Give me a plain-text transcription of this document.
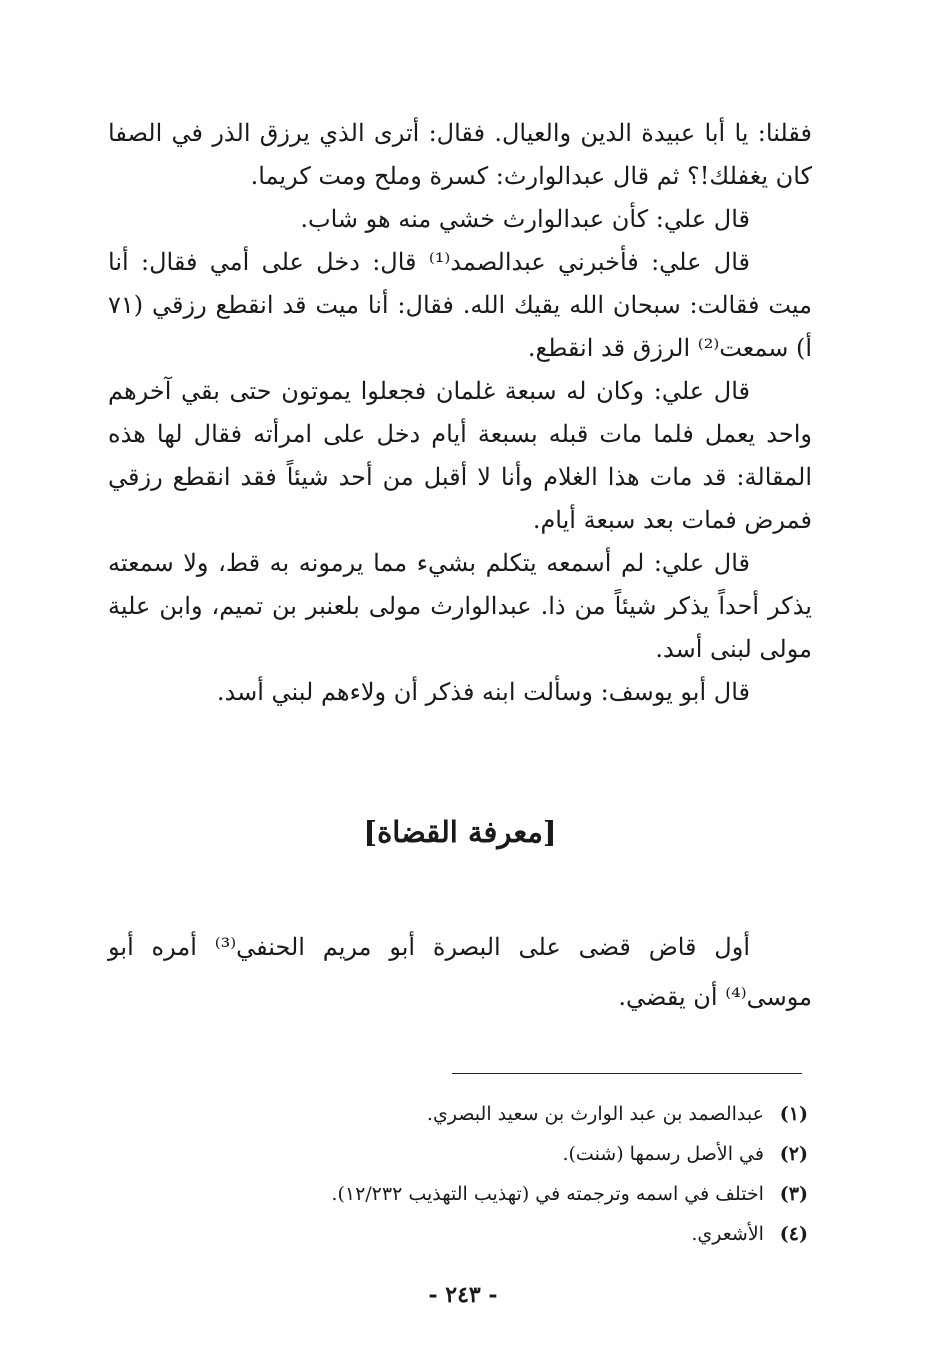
فقلنا: يا أبا عبيدة الدين والعيال. فقال: أترى الذي يرزق الذر في الصفا كان يغفلك!؟ ثم قال عبدالوارث: كسرة وملح ومت كريما.

قال علي: كأن عبدالوارث خشي منه هو شاب.

قال علي: فأخبرني عبدالصمد⁽¹⁾ قال: دخل على أمي فقال: أنا ميت فقالت: سبحان الله يقيك الله. فقال: أنا ميت قد انقطع رزقي (٧١ أ) سمعت⁽²⁾ الرزق قد انقطع.

قال علي: وكان له سبعة غلمان فجعلوا يموتون حتى بقي آخرهم واحد يعمل فلما مات قبله بسبعة أيام دخل على امرأته فقال لها هذه المقالة: قد مات هذا الغلام وأنا لا أقبل من أحد شيئاً فقد انقطع رزقي فمرض فمات بعد سبعة أيام.

قال علي: لم أسمعه يتكلم بشيء مما يرمونه به قط، ولا سمعته يذكر أحداً يذكر شيئاً من ذا. عبدالوارث مولى بلعنبر بن تميم، وابن علية مولى لبنى أسد.

قال أبو يوسف: وسألت ابنه فذكر أن ولاءهم لبني أسد.

[معرفة القضاة]

أول قاض قضى على البصرة أبو مريم الحنفي⁽³⁾ أمره أبو موسى⁽⁴⁾ أن يقضي.

(١) عبدالصمد بن عبد الوارث بن سعيد البصري.
(٢) في الأصل رسمها (شنت).
(٣) اختلف في اسمه وترجمته في (تهذيب التهذيب ١٢/٢٣٢).
(٤) الأشعري.
- ٢٤٣ -
